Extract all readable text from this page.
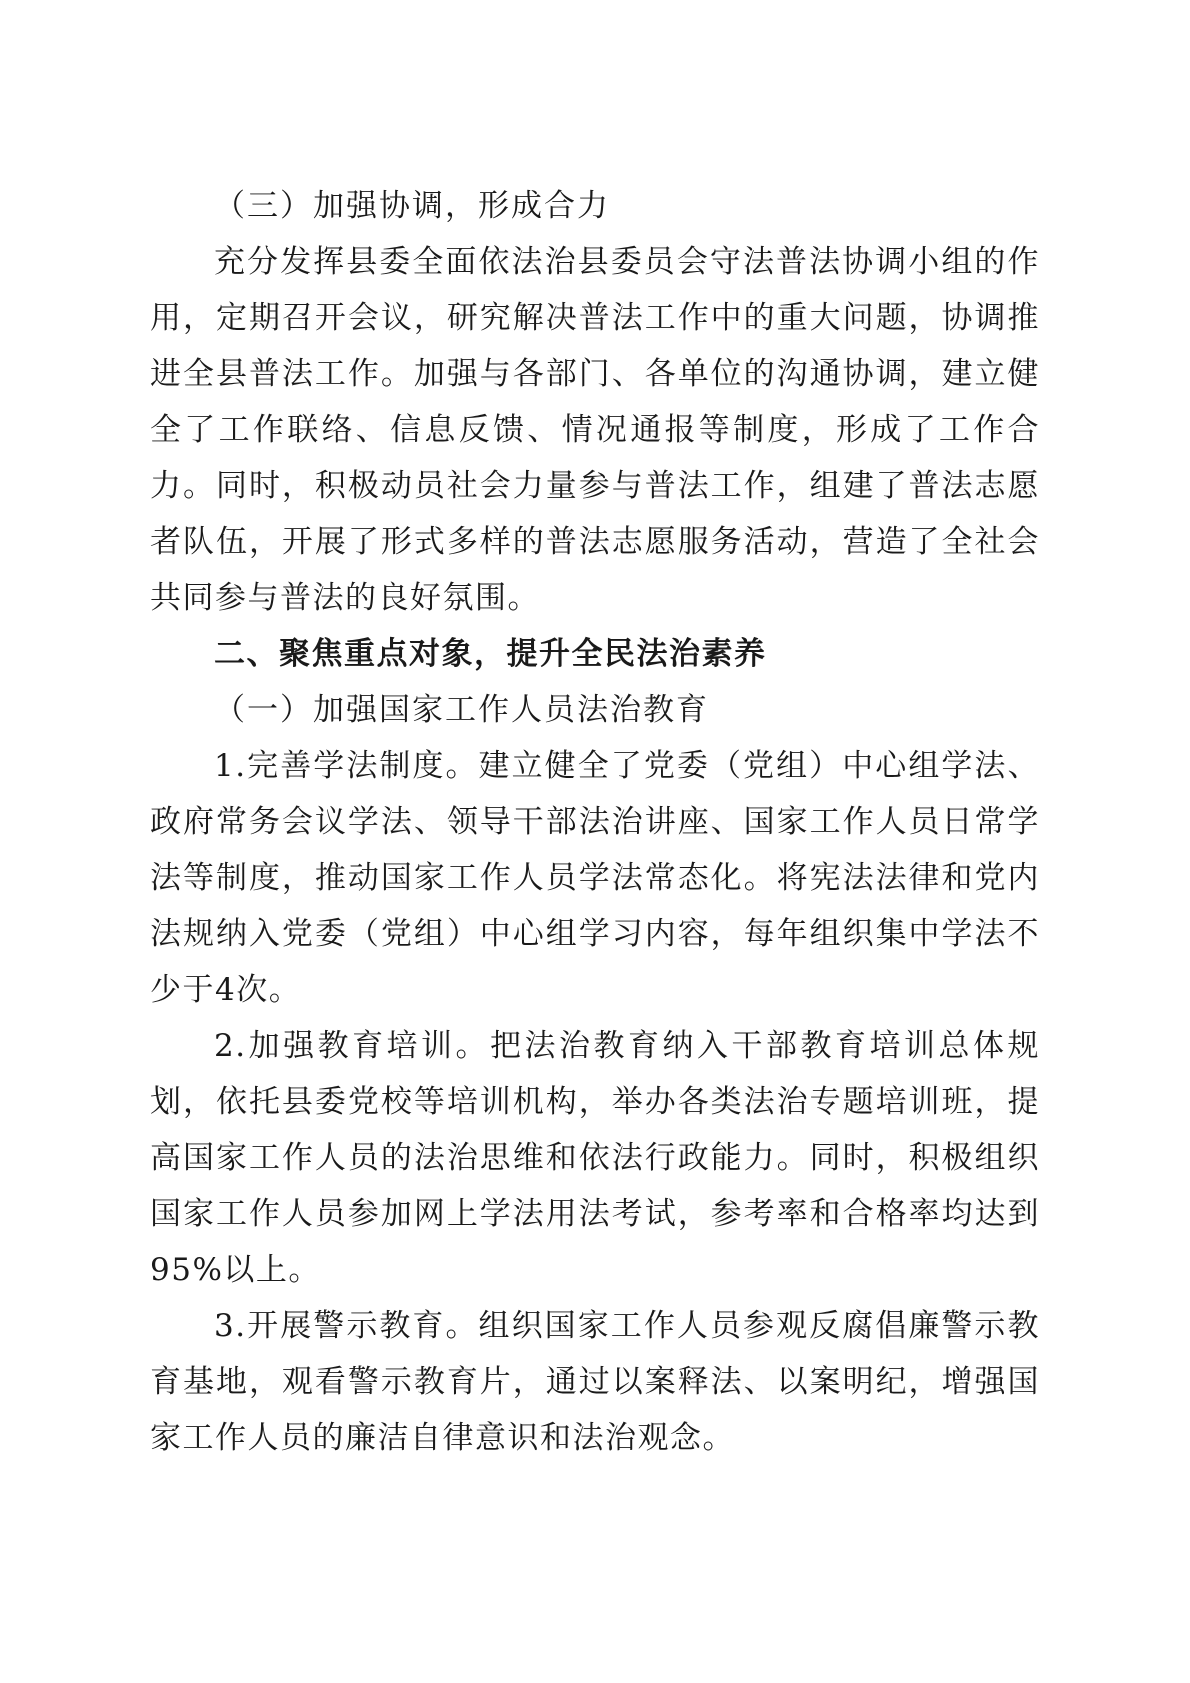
（三）加强协调，形成合力

充分发挥县委全面依法治县委员会守法普法协调小组的作用，定期召开会议，研究解决普法工作中的重大问题，协调推进全县普法工作。加强与各部门、各单位的沟通协调，建立健全了工作联络、信息反馈、情况通报等制度，形成了工作合力。同时，积极动员社会力量参与普法工作，组建了普法志愿者队伍，开展了形式多样的普法志愿服务活动，营造了全社会共同参与普法的良好氛围。

二、聚焦重点对象，提升全民法治素养

（一）加强国家工作人员法治教育

1.完善学法制度。建立健全了党委（党组）中心组学法、政府常务会议学法、领导干部法治讲座、国家工作人员日常学法等制度，推动国家工作人员学法常态化。将宪法法律和党内法规纳入党委（党组）中心组学习内容，每年组织集中学法不少于4次。

2.加强教育培训。把法治教育纳入干部教育培训总体规划，依托县委党校等培训机构，举办各类法治专题培训班，提高国家工作人员的法治思维和依法行政能力。同时，积极组织国家工作人员参加网上学法用法考试，参考率和合格率均达到95%以上。

3.开展警示教育。组织国家工作人员参观反腐倡廉警示教育基地，观看警示教育片，通过以案释法、以案明纪，增强国家工作人员的廉洁自律意识和法治观念。
